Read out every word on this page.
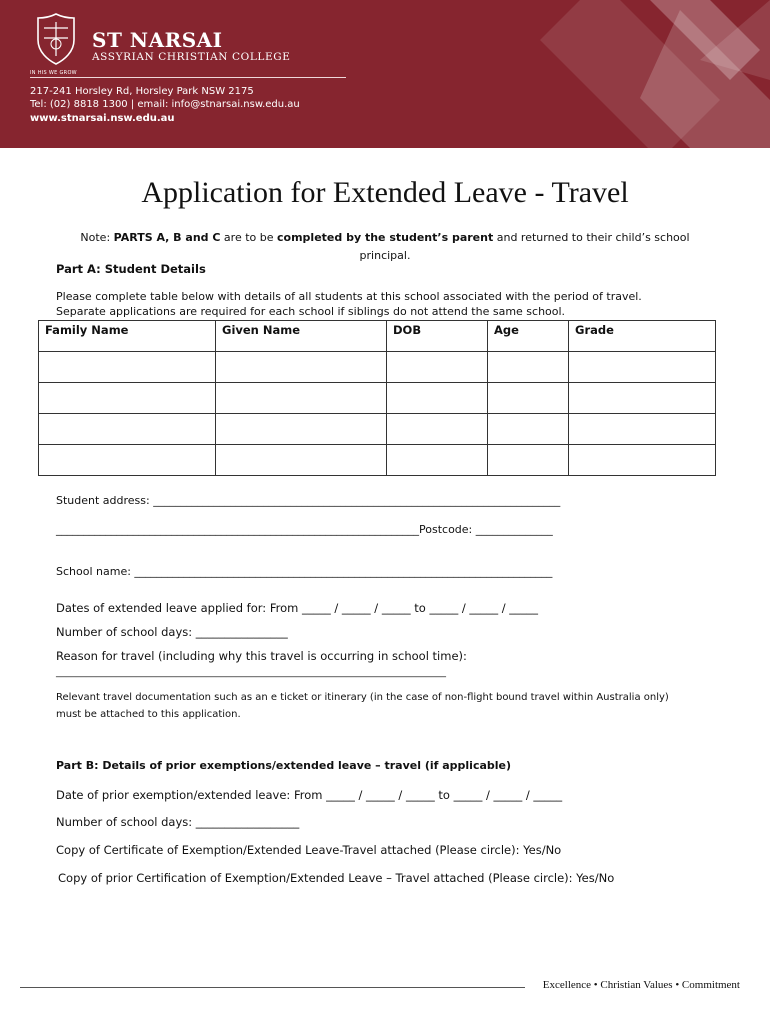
ST NARSAI
ASSYRIAN CHRISTIAN COLLEGE
IN HIS WE GROW
217-241 Horsley Rd, Horsley Park NSW 2175
Tel: (02) 8818 1300 | email: info@stnarsai.nsw.edu.au
www.stnarsai.nsw.edu.au
Application for Extended Leave - Travel
Note: PARTS A, B and C are to be completed by the student’s parent and returned to their child’s school principal.
Part A: Student Details
Please complete table below with details of all students at this school associated with the period of travel.
Separate applications are required for each school if siblings do not attend the same school.
Family Name	Given Name	DOB	Age	Grade

Student address: __________________________________________________________________________
__________________________________________________________________Postcode: ______________
School name: ____________________________________________________________________________
Dates of extended leave applied for: From _____ / _____ / _____ to _____ / _____ / _____
Number of school days: ________________
Reason for travel (including why this travel is occurring in school time):
______________________________________________________________________________
Relevant travel documentation such as an e ticket or itinerary (in the case of non-flight bound travel within Australia only) must be attached to this application.
Part B: Details of prior exemptions/extended leave – travel (if applicable)
Date of prior exemption/extended leave: From _____ / _____ / _____ to _____ / _____ / _____
Number of school days: __________________
Copy of Certificate of Exemption/Extended Leave-Travel attached (Please circle): Yes/No
Copy of prior Certification of Exemption/Extended Leave – Travel attached (Please circle): Yes/No
Excellence • Christian Values • Commitment
